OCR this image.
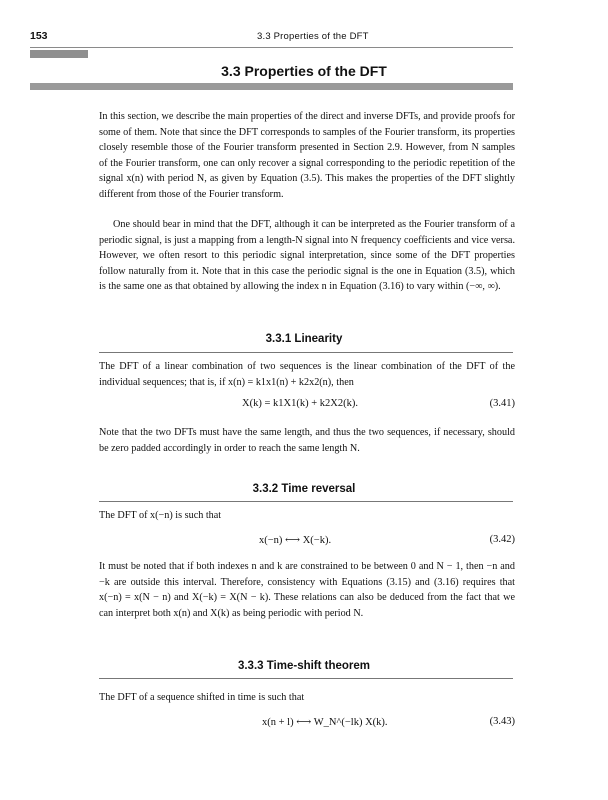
153	3.3 Properties of the DFT
3.3 Properties of the DFT

In this section, we describe the main properties of the direct and inverse DFTs, and provide proofs for some of them. Note that since the DFT corresponds to samples of the Fourier transform, its properties closely resemble those of the Fourier transform presented in Section 2.9. However, from N samples of the Fourier transform, one can only recover a signal corresponding to the periodic repetition of the signal x(n) with period N, as given by Equation (3.5). This makes the properties of the DFT slightly different from those of the Fourier transform.

One should bear in mind that the DFT, although it can be interpreted as the Fourier transform of a periodic signal, is just a mapping from a length-N signal into N frequency coefficients and vice versa. However, we often resort to this periodic signal interpretation, since some of the DFT properties follow naturally from it. Note that in this case the periodic signal is the one in Equation (3.5), which is the same one as that obtained by allowing the index n in Equation (3.16) to vary within (−∞, ∞).

3.3.1 Linearity

The DFT of a linear combination of two sequences is the linear combination of the DFT of the individual sequences; that is, if x(n) = k1x1(n) + k2x2(n), then

X(k) = k1X1(k) + k2X2(k).	(3.41)

Note that the two DFTs must have the same length, and thus the two sequences, if necessary, should be zero padded accordingly in order to reach the same length N.

3.3.2 Time reversal

The DFT of x(−n) is such that

x(−n) ⟷ X(−k).	(3.42)

It must be noted that if both indexes n and k are constrained to be between 0 and N − 1, then −n and −k are outside this interval. Therefore, consistency with Equations (3.15) and (3.16) requires that x(−n) = x(N − n) and X(−k) = X(N − k). These relations can also be deduced from the fact that we can interpret both x(n) and X(k) as being periodic with period N.

3.3.3 Time-shift theorem

The DFT of a sequence shifted in time is such that

x(n + l) ⟷ W_N^(−lk) X(k).	(3.43)
